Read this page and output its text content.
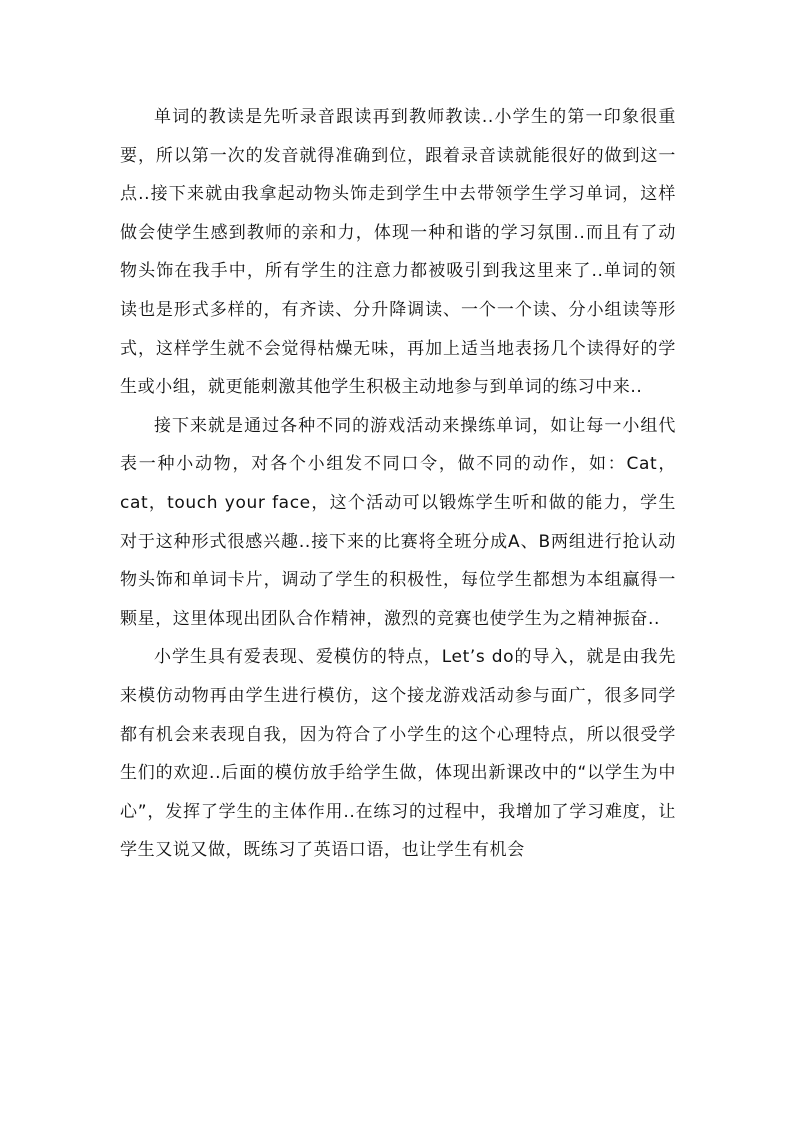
单词的教读是先听录音跟读再到教师教读..小学生的第一印象很重要，所以第一次的发音就得准确到位，跟着录音读就能很好的做到这一点..接下来就由我拿起动物头饰走到学生中去带领学生学习单词，这样做会使学生感到教师的亲和力，体现一种和谐的学习氛围..而且有了动物头饰在我手中，所有学生的注意力都被吸引到我这里来了..单词的领读也是形式多样的，有齐读、分升降调读、一个一个读、分小组读等形式，这样学生就不会觉得枯燥无味，再加上适当地表扬几个读得好的学生或小组，就更能刺激其他学生积极主动地参与到单词的练习中来..

接下来就是通过各种不同的游戏活动来操练单词，如让每一小组代表一种小动物，对各个小组发不同口令，做不同的动作，如：Cat，cat，touch your face，这个活动可以锻炼学生听和做的能力，学生对于这种形式很感兴趣..接下来的比赛将全班分成A、B两组进行抢认动物头饰和单词卡片，调动了学生的积极性，每位学生都想为本组赢得一颗星，这里体现出团队合作精神，激烈的竞赛也使学生为之精神振奋..

小学生具有爱表现、爱模仿的特点，Let’s do的导入，就是由我先来模仿动物再由学生进行模仿，这个接龙游戏活动参与面广，很多同学都有机会来表现自我，因为符合了小学生的这个心理特点，所以很受学生们的欢迎..后面的模仿放手给学生做，体现出新课改中的“以学生为中心”，发挥了学生的主体作用..在练习的过程中，我增加了学习难度，让学生又说又做，既练习了英语口语，也让学生有机会
